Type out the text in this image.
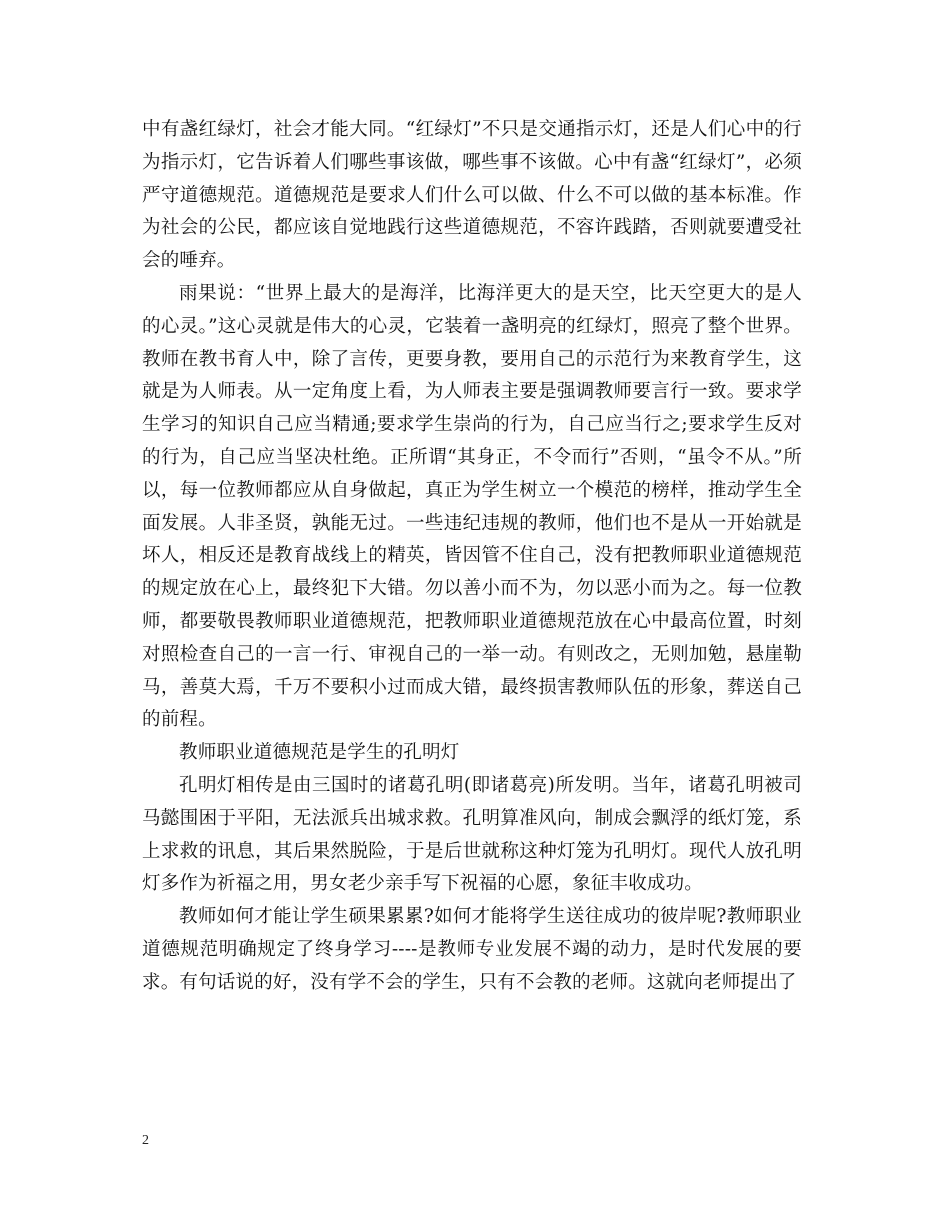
中有盏红绿灯，社会才能大同。“红绿灯”不只是交通指示灯，还是人们心中的行为指示灯，它告诉着人们哪些事该做，哪些事不该做。心中有盏“红绿灯”，必须严守道德规范。道德规范是要求人们什么可以做、什么不可以做的基本标准。作为社会的公民，都应该自觉地践行这些道德规范，不容许践踏，否则就要遭受社会的唾弃。

雨果说：“世界上最大的是海洋，比海洋更大的是天空，比天空更大的是人的心灵。”这心灵就是伟大的心灵，它装着一盏明亮的红绿灯，照亮了整个世界。教师在教书育人中，除了言传，更要身教，要用自己的示范行为来教育学生，这就是为人师表。从一定角度上看，为人师表主要是强调教师要言行一致。要求学生学习的知识自己应当精通;要求学生崇尚的行为，自己应当行之;要求学生反对的行为，自己应当坚决杜绝。正所谓“其身正，不令而行”否则，“虽令不从。”所以，每一位教师都应从自身做起，真正为学生树立一个模范的榜样，推动学生全面发展。人非圣贤，孰能无过。一些违纪违规的教师，他们也不是从一开始就是坏人，相反还是教育战线上的精英，皆因管不住自己，没有把教师职业道德规范的规定放在心上，最终犯下大错。勿以善小而不为，勿以恶小而为之。每一位教师，都要敬畏教师职业道德规范，把教师职业道德规范放在心中最高位置，时刻对照检查自己的一言一行、审视自己的一举一动。有则改之，无则加勉，悬崖勒马，善莫大焉，千万不要积小过而成大错，最终损害教师队伍的形象，葬送自己的前程。

教师职业道德规范是学生的孔明灯

孔明灯相传是由三国时的诸葛孔明(即诸葛亮)所发明。当年，诸葛孔明被司马懿围困于平阳，无法派兵出城求救。孔明算准风向，制成会飘浮的纸灯笼，系上求救的讯息，其后果然脱险，于是后世就称这种灯笼为孔明灯。现代人放孔明灯多作为祈福之用，男女老少亲手写下祝福的心愿，象征丰收成功。

教师如何才能让学生硕果累累?如何才能将学生送往成功的彼岸呢?教师职业道德规范明确规定了终身学习----是教师专业发展不竭的动力，是时代发展的要求。有句话说的好，没有学不会的学生，只有不会教的老师。这就向老师提出了

2
